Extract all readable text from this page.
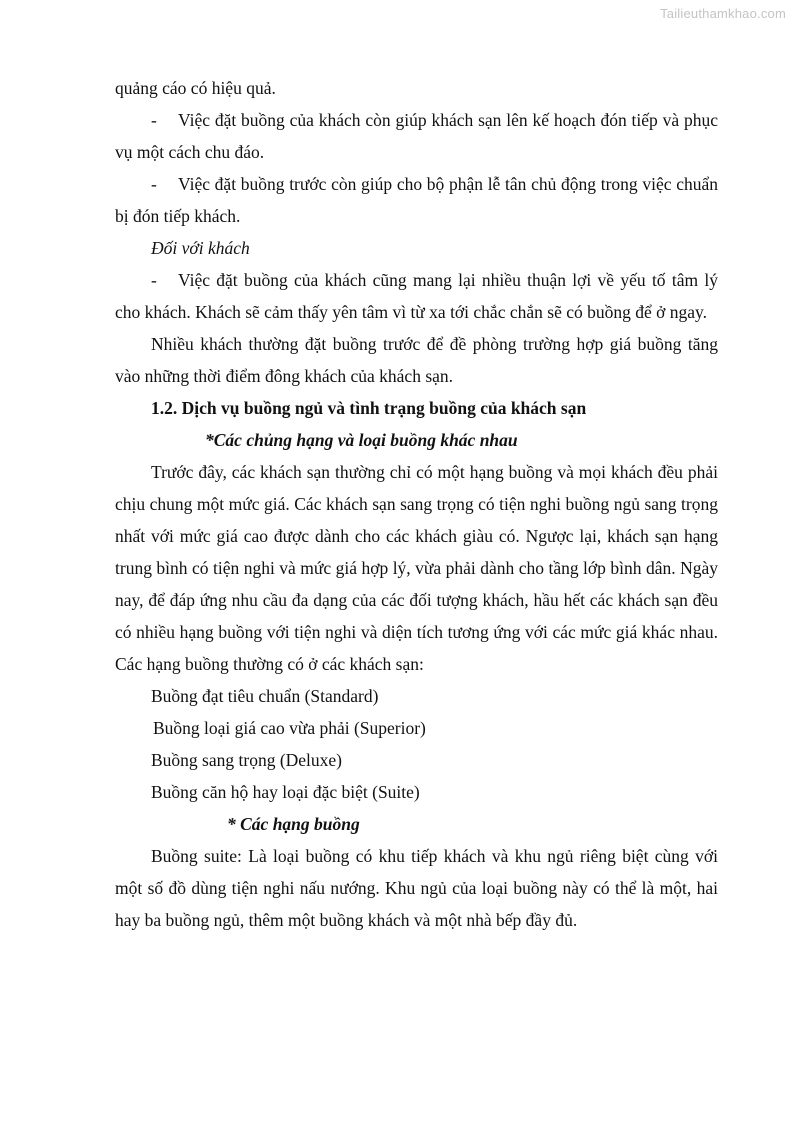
Tailieuthamkhao.com

quảng cáo có hiệu quả.

- Việc đặt buồng của khách còn giúp khách sạn lên kế hoạch đón tiếp và phục vụ một cách chu đáo.

- Việc đặt buồng trước còn giúp cho bộ phận lễ tân chủ động trong việc chuẩn bị đón tiếp khách.

Đối với khách

- Việc đặt buồng của khách cũng mang lại nhiều thuận lợi về yếu tố tâm lý cho khách. Khách sẽ cảm thấy yên tâm vì từ xa tới chắc chắn sẽ có buồng để ở ngay.

Nhiều khách thường đặt buồng trước để đề phòng trường hợp giá buồng tăng vào những thời điểm đông khách của khách sạn.

1.2. Dịch vụ buồng ngủ và tình trạng buồng của khách sạn

*Các chủng hạng và loại buồng khác nhau

Trước đây, các khách sạn thường chỉ có một hạng buồng và mọi khách đều phải chịu chung một mức giá. Các khách sạn sang trọng có tiện nghi buồng ngủ sang trọng nhất với mức giá cao được dành cho các khách giàu có. Ngược lại, khách sạn hạng trung bình có tiện nghi và mức giá hợp lý, vừa phải dành cho tầng lớp bình dân. Ngày nay, để đáp ứng nhu cầu đa dạng của các đối tượng khách, hầu hết các khách sạn đều có nhiều hạng buồng với tiện nghi và diện tích tương ứng với các mức giá khác nhau. Các hạng buồng thường có ở các khách sạn:

Buồng đạt tiêu chuẩn (Standard)

Buồng loại giá cao vừa phải (Superior)

Buồng sang trọng (Deluxe)

Buồng căn hộ hay loại đặc biệt (Suite)

* Các hạng buồng

Buồng suite: Là loại buồng có khu tiếp khách và khu ngủ riêng biệt cùng với một số đồ dùng tiện nghi nấu nướng. Khu ngủ của loại buồng này có thể là một, hai hay ba buồng ngủ, thêm một buồng khách và một nhà bếp đầy đủ.
